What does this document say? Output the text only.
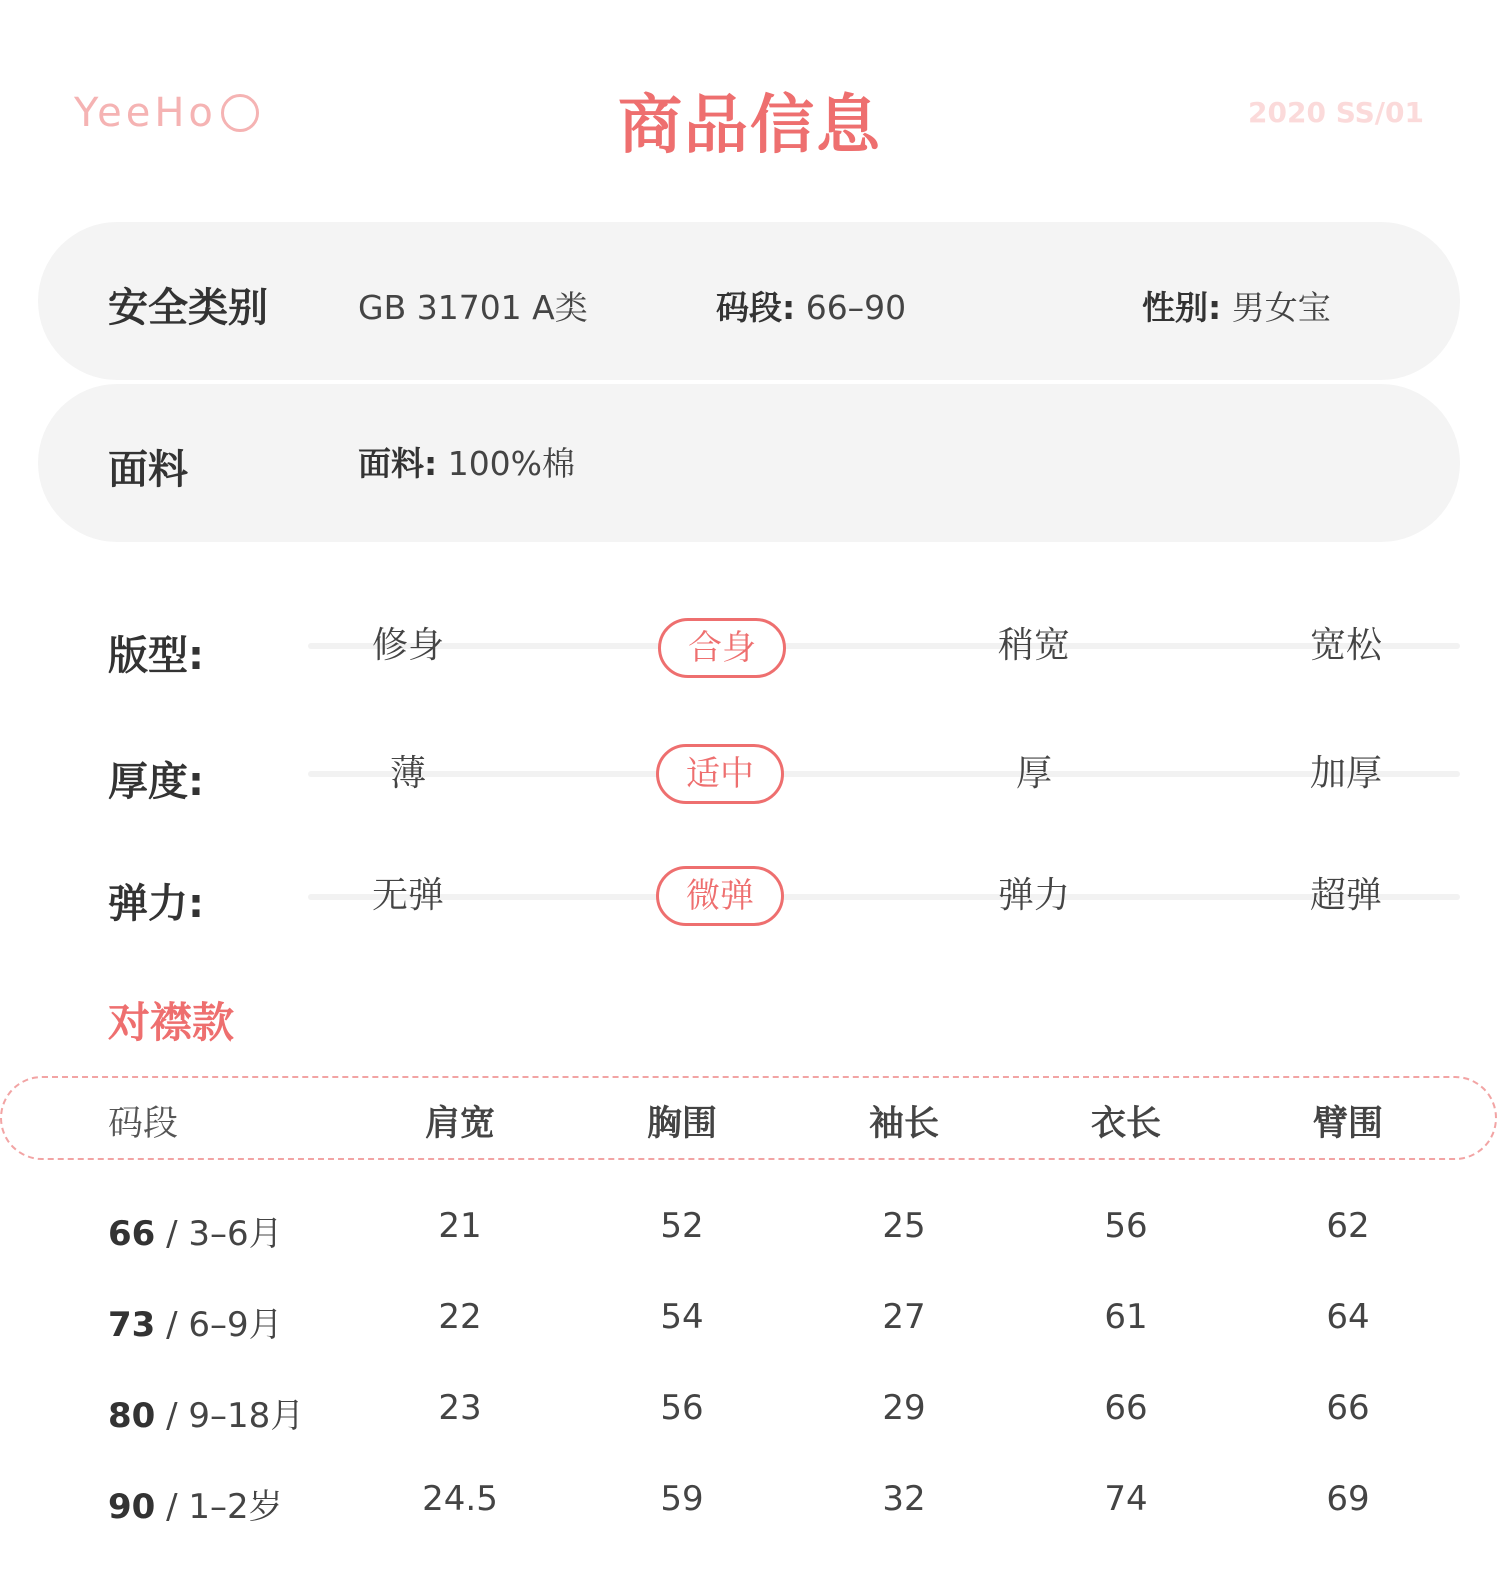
YeeHo	商品信息	2020 SS/01
安全类别	GB 31701 A类	码段: 66–90	性别: 男女宝
面料	面料: 100%棉
版型:	修身	合身	稍宽	宽松
厚度:	薄	适中	厚	加厚
弹力:	无弹	微弹	弹力	超弹
对襟款
码段	肩宽	胸围	袖长	衣长	臂围
66 / 3–6月	21	52	25	56	62
73 / 6–9月	22	54	27	61	64
80 / 9–18月	23	56	29	66	66
90 / 1–2岁	24.5	59	32	74	69
